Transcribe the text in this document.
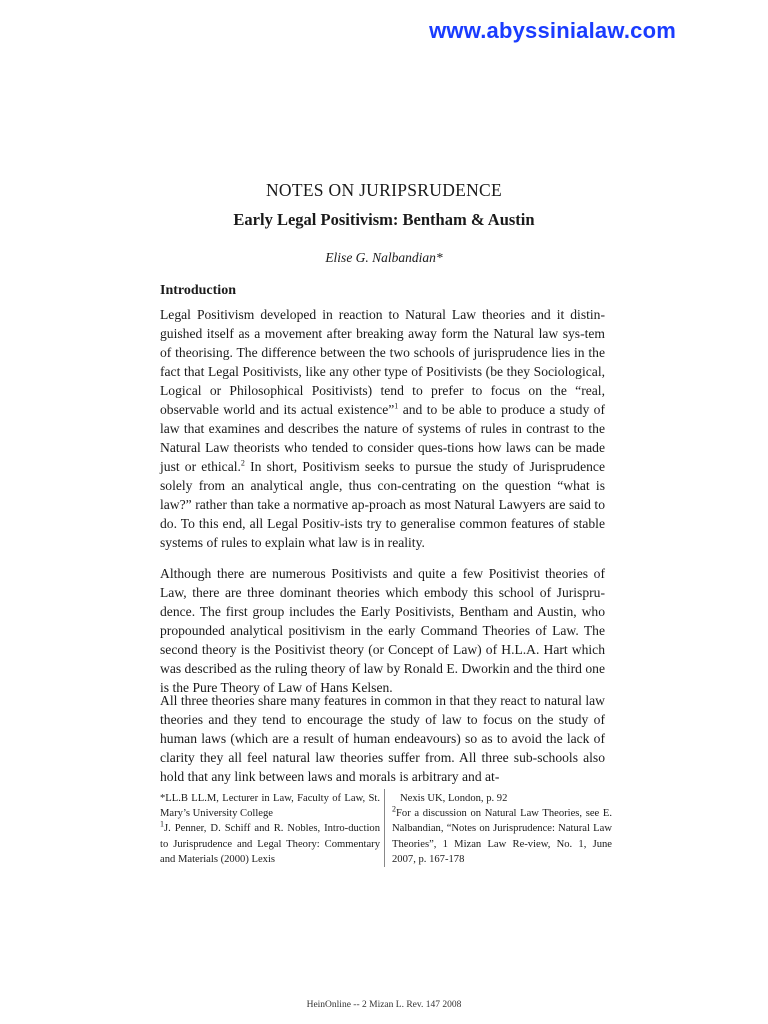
www.abyssinialaw.com
NOTES ON JURIPSRUDENCE
Early Legal Positivism: Bentham & Austin
Elise G. Nalbandian*
Introduction
Legal Positivism developed in reaction to Natural Law theories and it distin-guished itself as a movement after breaking away form the Natural law sys-tem of theorising. The difference between the two schools of jurisprudence lies in the fact that Legal Positivists, like any other type of Positivists (be they Sociological, Logical or Philosophical Positivists) tend to prefer to focus on the “real, observable world and its actual existence”$^1$ and to be able to produce a study of law that examines and describes the nature of systems of rules in contrast to the Natural Law theorists who tended to consider ques-tions how laws can be made just or ethical.$^2$ In short, Positivism seeks to pursue the study of Jurisprudence solely from an analytical angle, thus con-centrating on the question “what is law?” rather than take a normative ap-proach as most Natural Lawyers are said to do. To this end, all Legal Positiv-ists try to generalise common features of stable systems of rules to explain what law is in reality.
Although there are numerous Positivists and quite a few Positivist theories of Law, there are three dominant theories which embody this school of Jurispru-dence. The first group includes the Early Positivists, Bentham and Austin, who propounded analytical positivism in the early Command Theories of Law. The second theory is the Positivist theory (or Concept of Law) of H.L.A. Hart which was described as the ruling theory of law by Ronald E. Dworkin and the third one is the Pure Theory of Law of Hans Kelsen.
All three theories share many features in common in that they react to natural law theories and they tend to encourage the study of law to focus on the study of human laws (which are a result of human endeavours) so as to avoid the lack of clarity they all feel natural law theories suffer from. All three sub-schools also hold that any link between laws and morals is arbitrary and at-

*LL.B LL.M, Lecturer in Law, Faculty of Law, St. Mary’s University College

$^1$J. Penner, D. Schiff and R. Nobles, Intro-duction to Jurisprudence and Legal Theory: Commentary and Materials (2000) Lexis

Nexis UK, London, p. 92

$^2$For a discussion on Natural Law Theories, see E. Nalbandian, “Notes on Jurisprudence: Natural Law Theories”, 1 Mizan Law Re-view, No. 1, June 2007, p. 167-178

HeinOnline -- 2 Mizan L. Rev. 147 2008
